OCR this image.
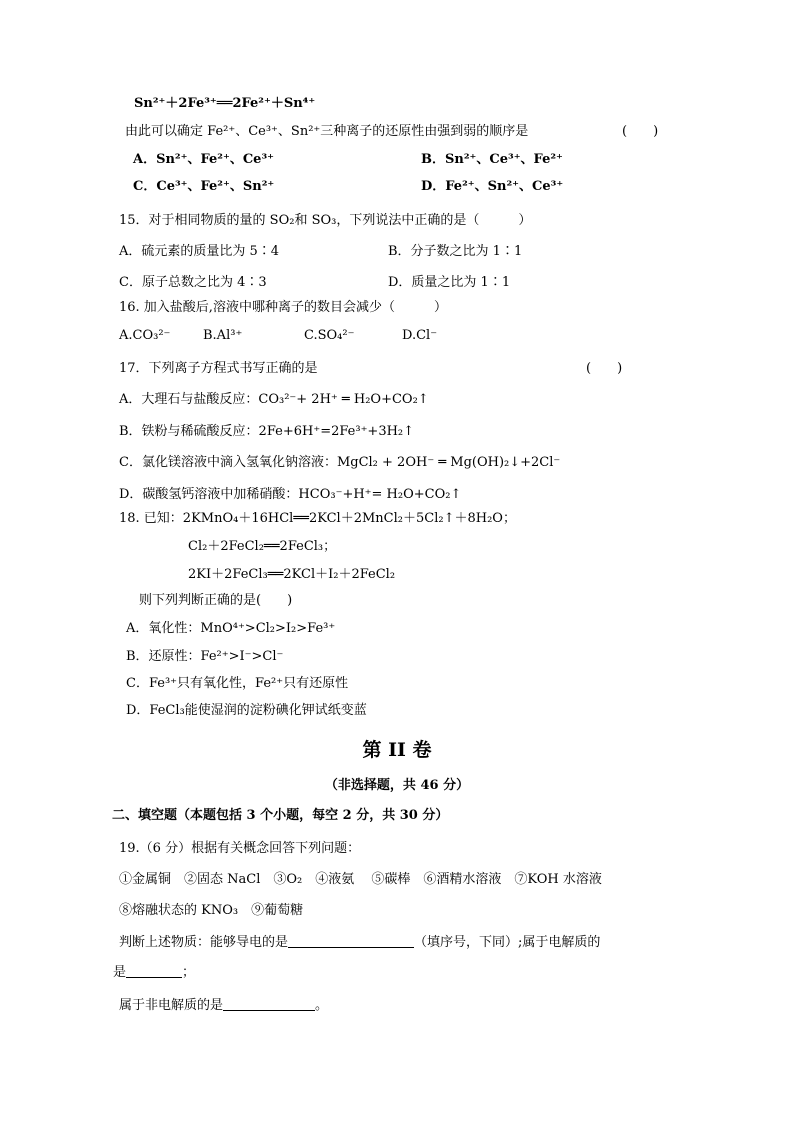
Sn²⁺＋2Fe³⁺══2Fe²⁺＋Sn⁴⁺
由此可以确定 Fe²⁺、Ce³⁺、Sn²⁺三种离子的还原性由强到弱的顺序是	(　　)
A．Sn²⁺、Fe²⁺、Ce³⁺	B．Sn²⁺、Ce³⁺、Fe²⁺
C．Ce³⁺、Fe²⁺、Sn²⁺	D．Fe²⁺、Sn²⁺、Ce³⁺
15．对于相同物质的量的 SO₂和 SO₃，下列说法中正确的是（　　　）
A．硫元素的质量比为 5∶4	B．分子数之比为 1∶1
C．原子总数之比为 4∶3	D．质量之比为 1∶1
16. 加入盐酸后,溶液中哪种离子的数目会减少（　　　）
A.CO₃²⁻	B.Al³⁺	C.SO₄²⁻	D.Cl⁻
17．下列离子方程式书写正确的是	(　　)
A．大理石与盐酸反应：CO₃²⁻+ 2H⁺ ═ H₂O+CO₂↑
B．铁粉与稀硫酸反应：2Fe+6H⁺=2Fe³⁺+3H₂↑
C．氯化镁溶液中滴入氢氧化钠溶液：MgCl₂ + 2OH⁻ ═ Mg(OH)₂↓+2Cl⁻
D．碳酸氢钙溶液中加稀硝酸：HCO₃⁻+H⁺= H₂O+CO₂↑
18. 已知：2KMnO₄＋16HCl══2KCl＋2MnCl₂＋5Cl₂↑＋8H₂O；
Cl₂＋2FeCl₂══2FeCl₃；
2KI＋2FeCl₃══2KCl＋I₂＋2FeCl₂
则下列判断正确的是(　　)
A．氧化性：MnO⁴⁺>Cl₂>I₂>Fe³⁺
B．还原性：Fe²⁺>I⁻>Cl⁻
C．Fe³⁺只有氧化性，Fe²⁺只有还原性
D．FeCl₃能使湿润的淀粉碘化钾试纸变蓝
第 II 卷
（非选择题，共 46 分）
二、填空题（本题包括 3 个小题，每空 2 分，共 30 分）
19.（6 分）根据有关概念回答下列问题：
①金属铜　②固态 NaCl　③O₂　④液氨　 ⑤碳棒　⑥酒精水溶液　⑦KOH 水溶液
⑧熔融状态的 KNO₃　⑨葡萄糖
判断上述物质：能够导电的是	（填序号，下同）;属于电解质的
是	；
属于非电解质的是	。
